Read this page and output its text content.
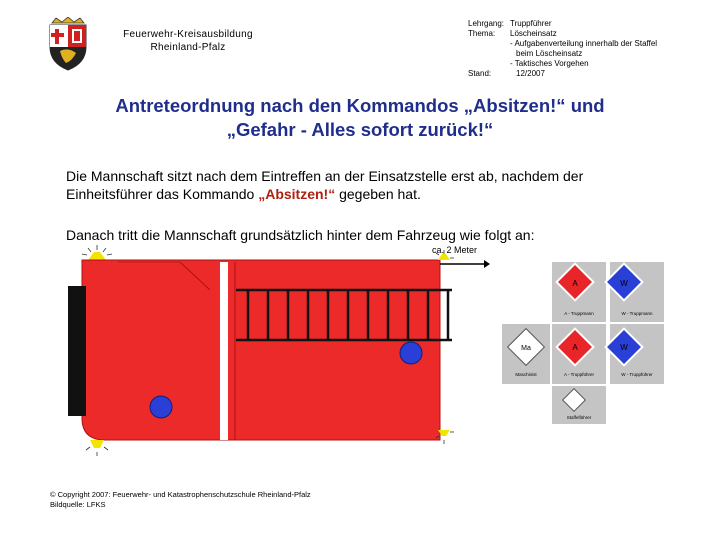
Feuerwehr-Kreisausbildung
Rheinland-Pfalz
Lehrgang: Truppführer
Thema:	Löscheinsatz
- Aufgabenverteilung innerhalb der Staffel
beim Löscheinsatz
- Taktisches Vorgehen
Stand:	12/2007
Antreteordnung nach den Kommandos „Absitzen!“ und
„Gefahr - Alles sofort zurück!“
Die Mannschaft sitzt nach dem Eintreffen an der Einsatzstelle erst ab, nachdem der Einheitsführer das Kommando „Absitzen!“ gegeben hat.
Danach tritt die Mannschaft grundsätzlich hinter dem Fahrzeug wie folgt an:
ca. 2 Meter
A
A - Truppmann
W
W - Truppmann
Ma
Maschinist
A
A - Truppführer
W
W - Truppführer
Staffelführer
© Copyright 2007: Feuerwehr- und Katastrophenschutzschule Rheinland-Pfalz
Bildquelle: LFKS
